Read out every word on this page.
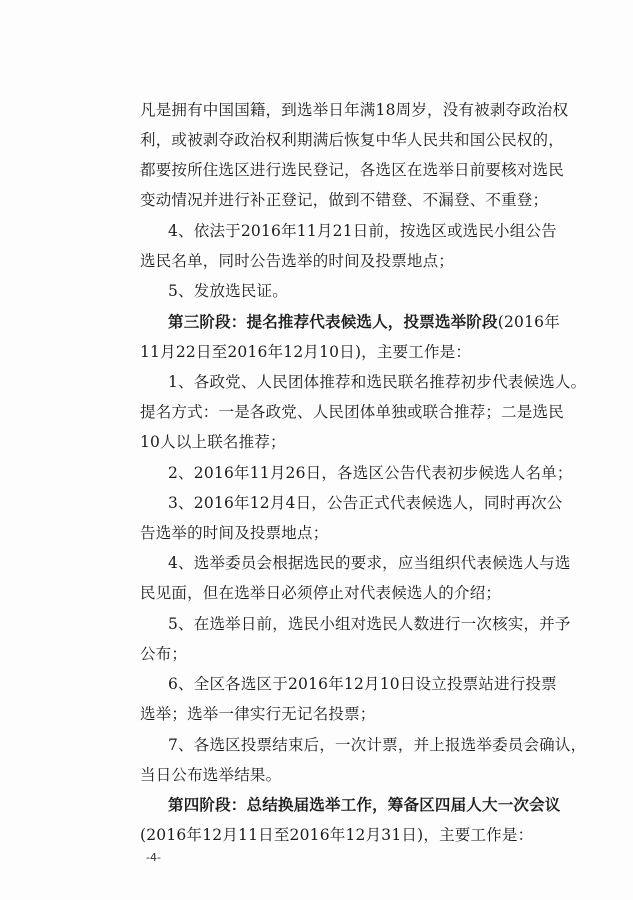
凡是拥有中国国籍，到选举日年满18周岁，没有被剥夺政治权
利，或被剥夺政治权利期满后恢复中华人民共和国公民权的，
都要按所住选区进行选民登记，各选区在选举日前要核对选民
变动情况并进行补正登记，做到不错登、不漏登、不重登；
4、依法于2016年11月21日前，按选区或选民小组公告
选民名单，同时公告选举的时间及投票地点；
5、发放选民证。
第三阶段：提名推荐代表候选人，投票选举阶段(2016年
11月22日至2016年12月10日)，主要工作是：
1、各政党、人民团体推荐和选民联名推荐初步代表候选人。
提名方式：一是各政党、人民团体单独或联合推荐；二是选民
10人以上联名推荐；
2、2016年11月26日，各选区公告代表初步候选人名单；
3、2016年12月4日，公告正式代表候选人，同时再次公
告选举的时间及投票地点；
4、选举委员会根据选民的要求，应当组织代表候选人与选
民见面，但在选举日必须停止对代表候选人的介绍；
5、在选举日前，选民小组对选民人数进行一次核实，并予
公布；
6、全区各选区于2016年12月10日设立投票站进行投票
选举；选举一律实行无记名投票；
7、各选区投票结束后，一次计票，并上报选举委员会确认，
当日公布选举结果。
第四阶段：总结换届选举工作，筹备区四届人大一次会议
(2016年12月11日至2016年12月31日)，主要工作是：
-4-
